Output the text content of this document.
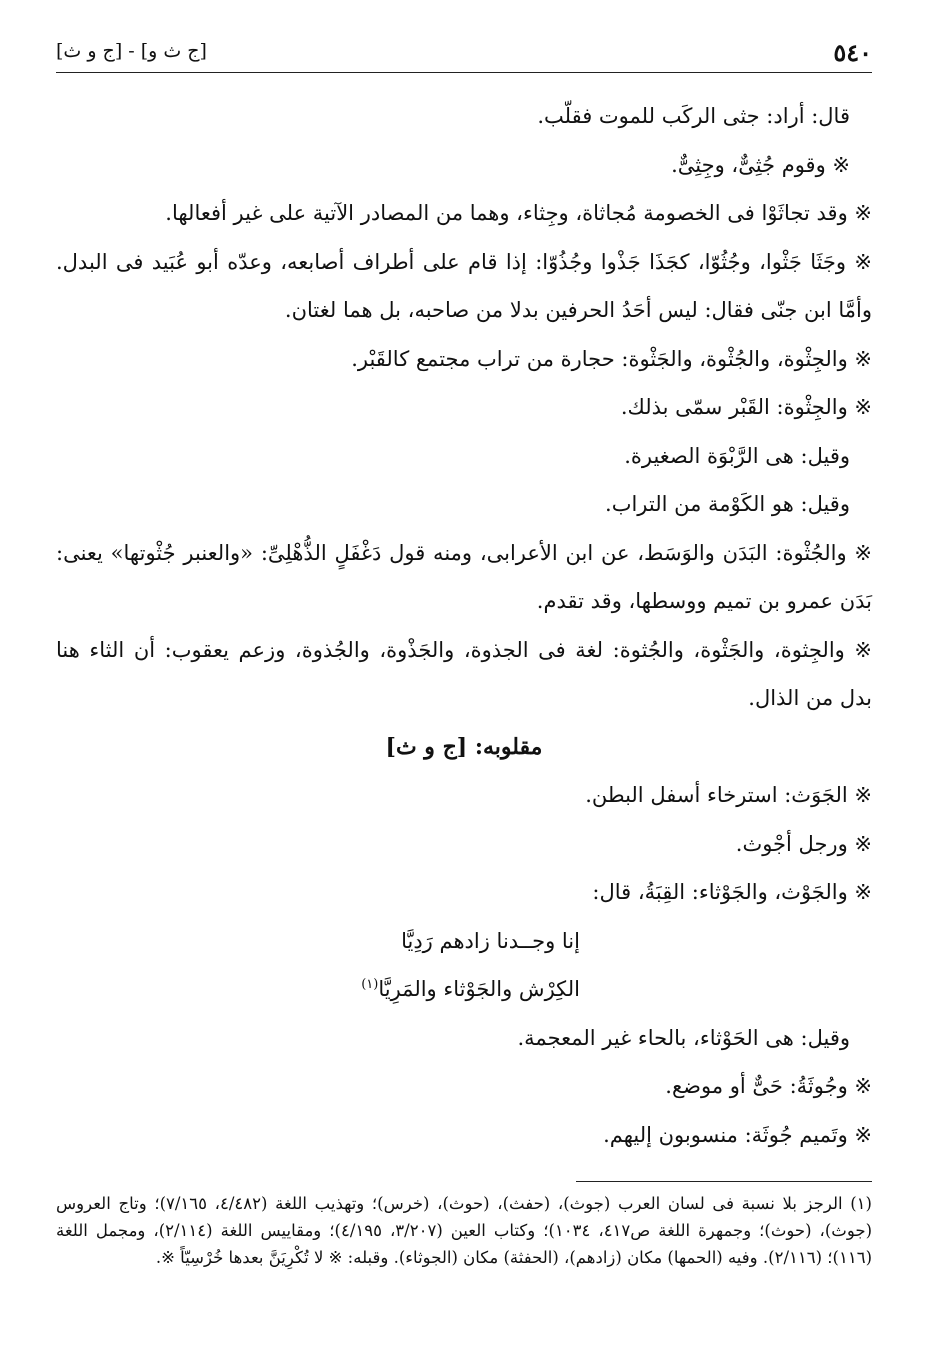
٥٤٠
[ج ث و] - [ج و ث]

قال: أراد: جثى الركَب للموت فقلّب.

※ وقوم جُثِىٌّ، وجِثِىٌّ.

※ وقد تجاثَوْا فى الخصومة مُجاثاة، وجِثاء، وهما من المصادر الآتية على غير أفعالها.

※ وجَثَا جَثْوا، وجُثُوّا، كجَذَا جَذْوا وجُذُوّا: إذا قام على أطراف أصابعه، وعدّه أبو عُبَيد فى البدل. وأمَّا ابن جنّى فقال: ليس أحَدُ الحرفين بدلا من صاحبه، بل هما لغتان.

※ والجِثْوة، والجُثْوة، والجَثْوة: حجارة من تراب مجتمع كالقَبْر.

※ والجِثْوة: القَبْر سمّى بذلك.

وقيل: هى الرَّبْوَة الصغيرة.

وقيل: هو الكَوْمة من التراب.

※ والجُثْوة: البَدَن والوَسَط، عن ابن الأعرابى، ومنه قول دَغْفَلٍ الذُّهْلِىِّ: «والعنبر جُثْوتها» يعنى: بَدَن عمرو بن تميم ووسطها، وقد تقدم.

※ والجِثوة، والجَثْوة، والجُثوة: لغة فى الجذوة، والجَذْوة، والجُذوة، وزعم يعقوب: أن الثاء هنا بدل من الذال.

مقلوبه: [ج و ث]

※ الجَوَث: استرخاء أسفل البطن.

※ ورجل أجْوث.

※ والجَوْث، والجَوْثاء: القِبَةُ، قال:

إنا وجــدنا زادهم رَدِيَّا

الكِرْش والجَوْثاء والمَرِيَّا$^{(١)}$

وقيل: هى الحَوْثاء، بالحاء غير المعجمة.

※ وجُوثَةُ: حَىٌّ أو موضع.

※ وتَميم جُوثَة: منسوبون إليهم.

(١) الرجز بلا نسبة فى لسان العرب (جوث)، (حفث)، (حوث)، (خرس)؛ وتهذيب اللغة (٤/٤٨٢، ٧/١٦٥)؛ وتاج العروس (جوث)، (حوث)؛ وجمهرة اللغة ص٤١٧، ١٠٣٤)؛ وكتاب العين (٣/٢٠٧، ٤/١٩٥)؛ ومقاييس اللغة (٢/١١٤)، ومجمل اللغة (١١٦)؛ (٢/١١٦). وفيه (الحمها) مكان (زادهم)، (الحفثة) مكان (الجوثاء). وقبله: ※ لا تُكْرِيَنَّ بعدها خُرْسِيّاً ※.
